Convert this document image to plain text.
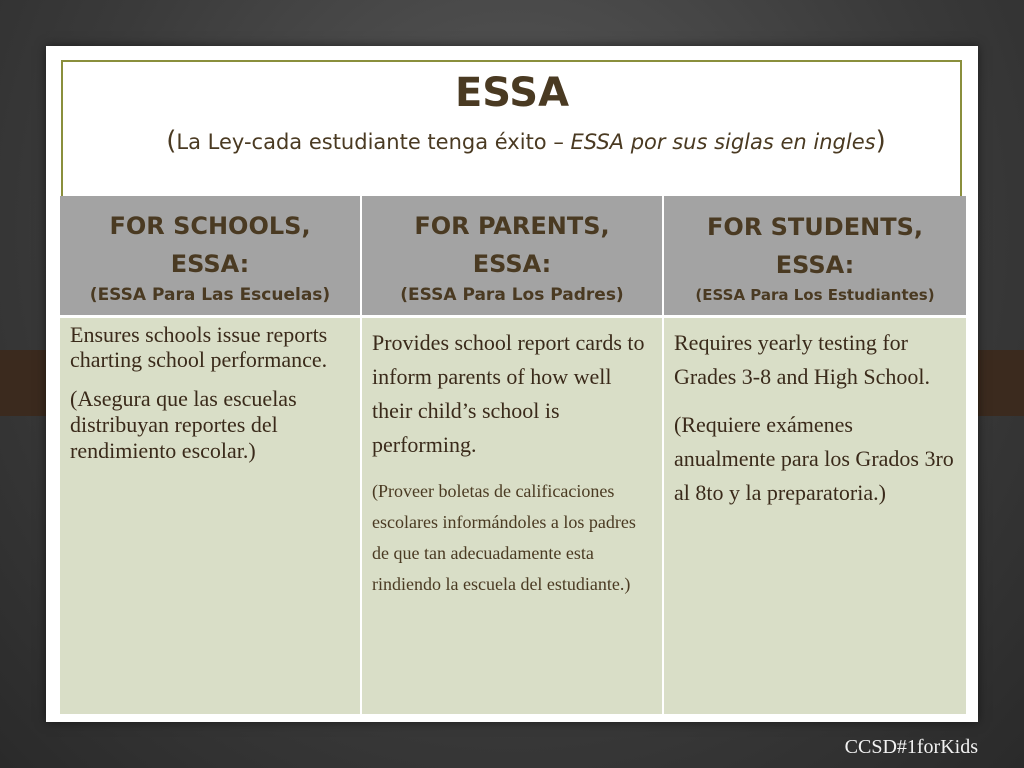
ESSA
(La Ley-cada estudiante tenga éxito – ESSA por sus siglas en ingles)
FOR SCHOOLS, ESSA:
(ESSA Para Las Escuelas)
FOR PARENTS, ESSA:
(ESSA Para Los Padres)
FOR STUDENTS, ESSA:
(ESSA Para Los Estudiantes)

Ensures schools issue reports charting school performance.

(Asegura que las escuelas distribuyan reportes del rendimiento escolar.)

Provides school report cards to inform parents of how well their child’s school is performing.

(Proveer boletas de calificaciones escolares informándoles a los padres de que tan adecuadamente esta rindiendo la escuela del estudiante.)

Requires yearly testing for Grades 3-8 and High School.

(Requiere exámenes anualmente para los Grados 3ro al 8to y la preparatoria.)

CCSD#1forKids
